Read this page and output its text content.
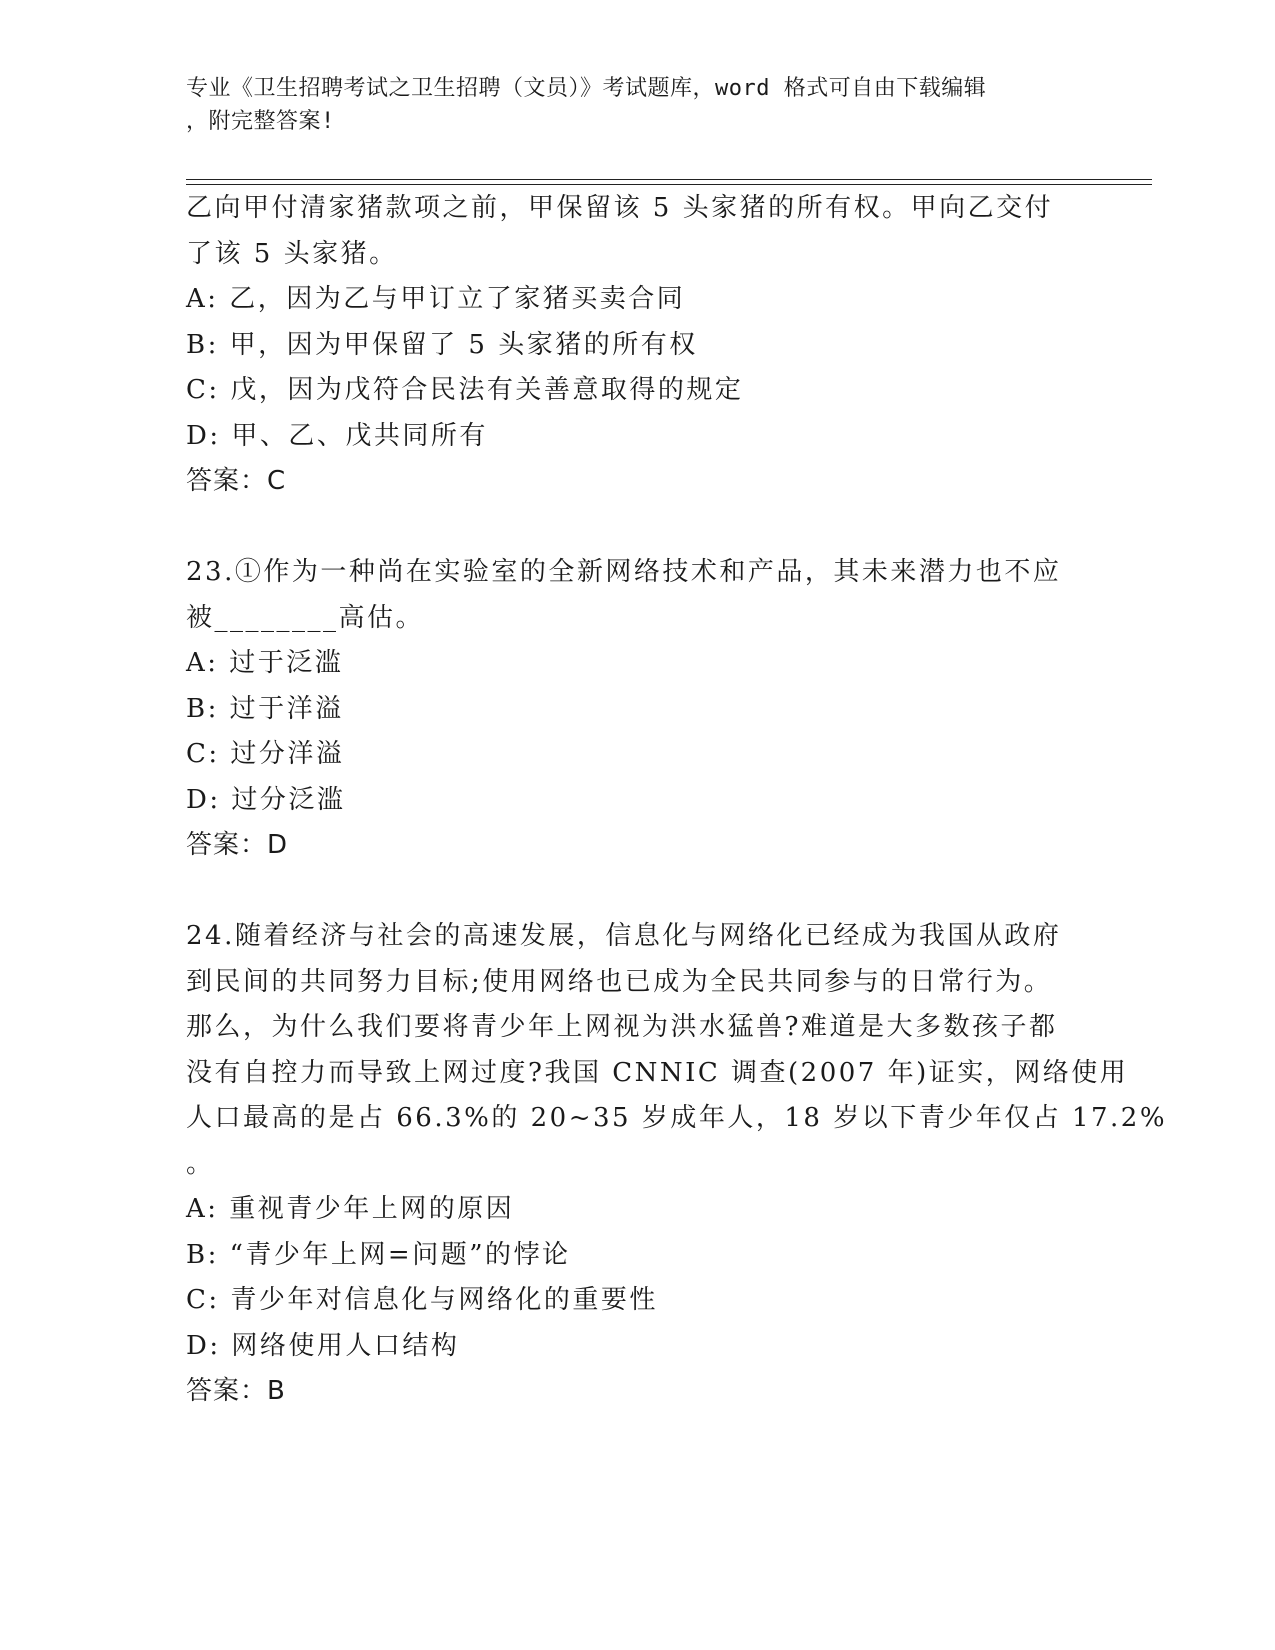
专业《卫生招聘考试之卫生招聘（文员）》考试题库，word 格式可自由下载编辑
，附完整答案!
乙向甲付清家猪款项之前，甲保留该 5 头家猪的所有权。甲向乙交付
了该 5 头家猪。
A: 乙，因为乙与甲订立了家猪买卖合同
B: 甲，因为甲保留了 5 头家猪的所有权
C: 戊，因为戊符合民法有关善意取得的规定
D: 甲、乙、戊共同所有
答案：C
23.①作为一种尚在实验室的全新网络技术和产品，其未来潜力也不应
被________高估。
A: 过于泛滥
B: 过于洋溢
C: 过分洋溢
D: 过分泛滥
答案：D
24.随着经济与社会的高速发展，信息化与网络化已经成为我国从政府
到民间的共同努力目标;使用网络也已成为全民共同参与的日常行为。
那么，为什么我们要将青少年上网视为洪水猛兽?难道是大多数孩子都
没有自控力而导致上网过度?我国 CNNIC 调查(2007 年)证实，网络使用
人口最高的是占 66.3%的 20~35 岁成年人，18 岁以下青少年仅占 17.2%
。
A: 重视青少年上网的原因
B: “青少年上网=问题”的悖论
C: 青少年对信息化与网络化的重要性
D: 网络使用人口结构
答案：B
